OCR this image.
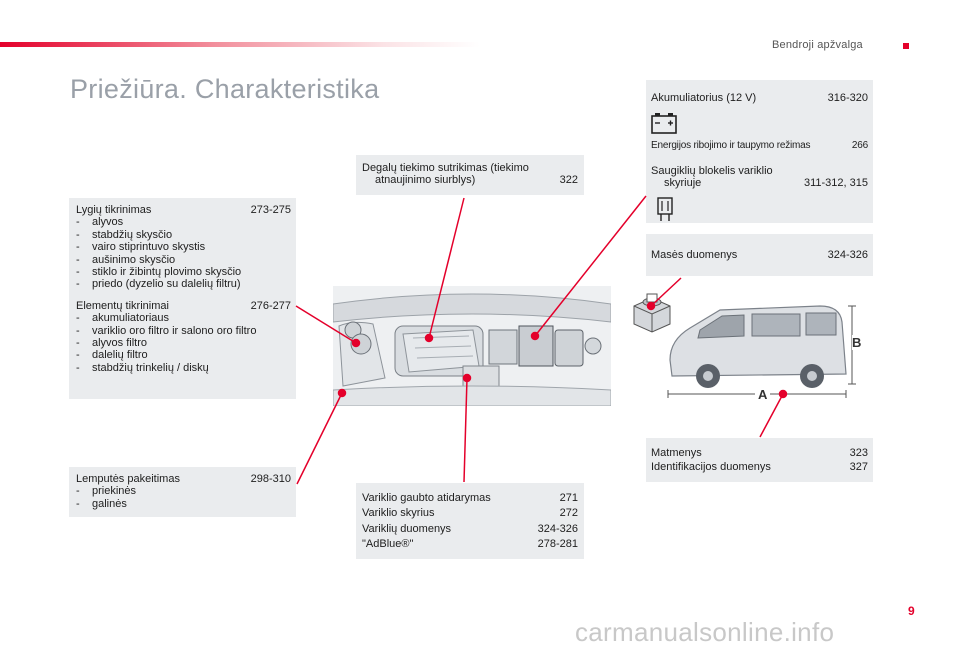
Bendroji apžvalga
Priežiūra. Charakteristika
Lygių tikrinimas	273-275
- alyvos
- stabdžių skysčio
- vairo stiprintuvo skystis
- aušinimo skysčio
- stiklo ir žibintų plovimo skysčio
- priedo (dyzelio su dalelių filtru)
Elementų tikrinimai	276-277
- akumuliatoriaus
- variklio oro filtro ir salono oro filtro
- alyvos filtro
- dalelių filtro
- stabdžių trinkelių / diskų
Lemputės pakeitimas	298-310
- priekinės
- galinės
Degalų tiekimo sutrikimas (tiekimo
atnaujinimo siurblys)	322
Variklio gaubto atidarymas	271
Variklio skyrius	272
Variklių duomenys	324-326
"AdBlue®"	278-281
Akumuliatorius (12 V)	316-320
Energijos ribojimo ir taupymo režimas	266
Saugiklių blokelis variklio
skyriuje	311-312, 315
Masės duomenys	324-326
Matmenys	323
Identifikacijos duomenys	327
B
A
9
carmanualsonline.info
